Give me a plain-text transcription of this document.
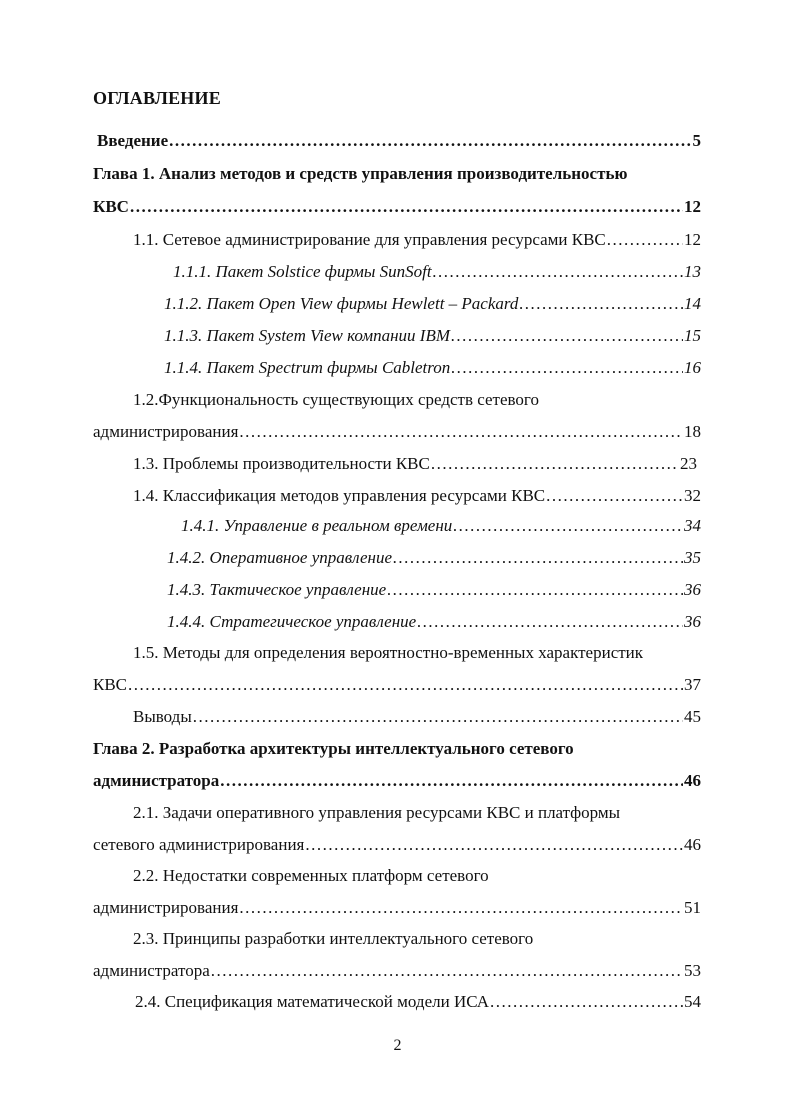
ОГЛАВЛЕНИЕ
Введение .....	5
Глава 1. Анализ методов и средств управления производительностью
КВС .....	12
1.1. Сетевое администрирование для управления ресурсами КВС .....	12
1.1.1. Пакет Solstice фирмы SunSoft .....	13
1.1.2. Пакет Open View фирмы Hewlett – Packard .....	14
1.1.3. Пакет System View компании IBM .....	15
1.1.4. Пакет Spectrum фирмы Cabletron .....	16
1.2.Функциональность существующих средств сетевого
администрирования .....	18
1.3. Проблемы производительности КВС .....	23
1.4. Классификация методов управления ресурсами КВС .....	32
1.4.1. Управление в реальном времени .....	34
1.4.2. Оперативное управление .....	35
1.4.3. Тактическое управление .....	36
1.4.4. Стратегическое управление .....	36
1.5. Методы для определения вероятностно-временных характеристик
КВС .....	37
Выводы .....	45
Глава 2. Разработка архитектуры интеллектуального сетевого
администратора .....	46
2.1. Задачи оперативного управления ресурсами КВС и платформы
сетевого администрирования .....	46
2.2. Недостатки современных платформ сетевого
администрирования .....	51
2.3. Принципы разработки интеллектуального сетевого
администратора .....	53
2.4. Спецификация математической модели ИСА .....	54
2
